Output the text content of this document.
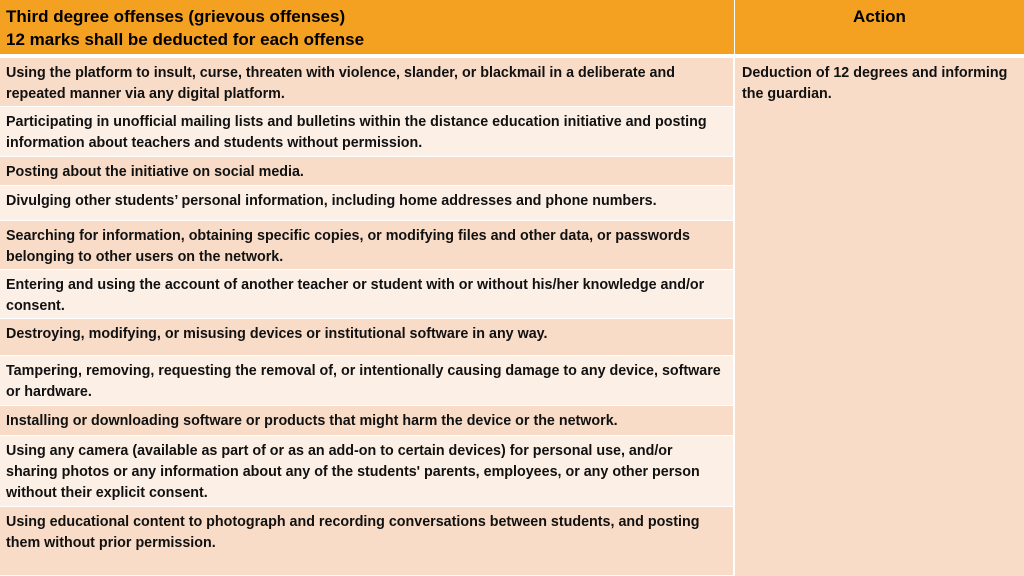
Third degree offenses (grievous offenses)
12 marks shall be deducted for each offense
Action
Using the platform to insult, curse, threaten with violence, slander, or blackmail in a deliberate and repeated manner via any digital platform.
Participating in unofficial mailing lists and bulletins within the distance education initiative and posting information about teachers and students without permission.
Posting about the initiative on social media.
Divulging other students’ personal information, including home addresses and phone numbers.
Searching for information, obtaining specific copies, or modifying files and other data, or passwords belonging to other users on the network.
Entering and using the account of another teacher or student with or without his/her knowledge and/or consent.
Destroying, modifying, or misusing devices or institutional software in any way.
Tampering, removing, requesting the removal of, or intentionally causing damage to any device, software or hardware.
Installing or downloading software or products that might harm the device or the network.
Using any camera (available as part of or as an add-on to certain devices) for personal use, and/or sharing photos or any information about any of the students' parents, employees, or any other person without their explicit consent.
Using educational content to photograph and recording conversations between students, and posting them without prior permission.
Deduction of 12 degrees and informing the guardian.
